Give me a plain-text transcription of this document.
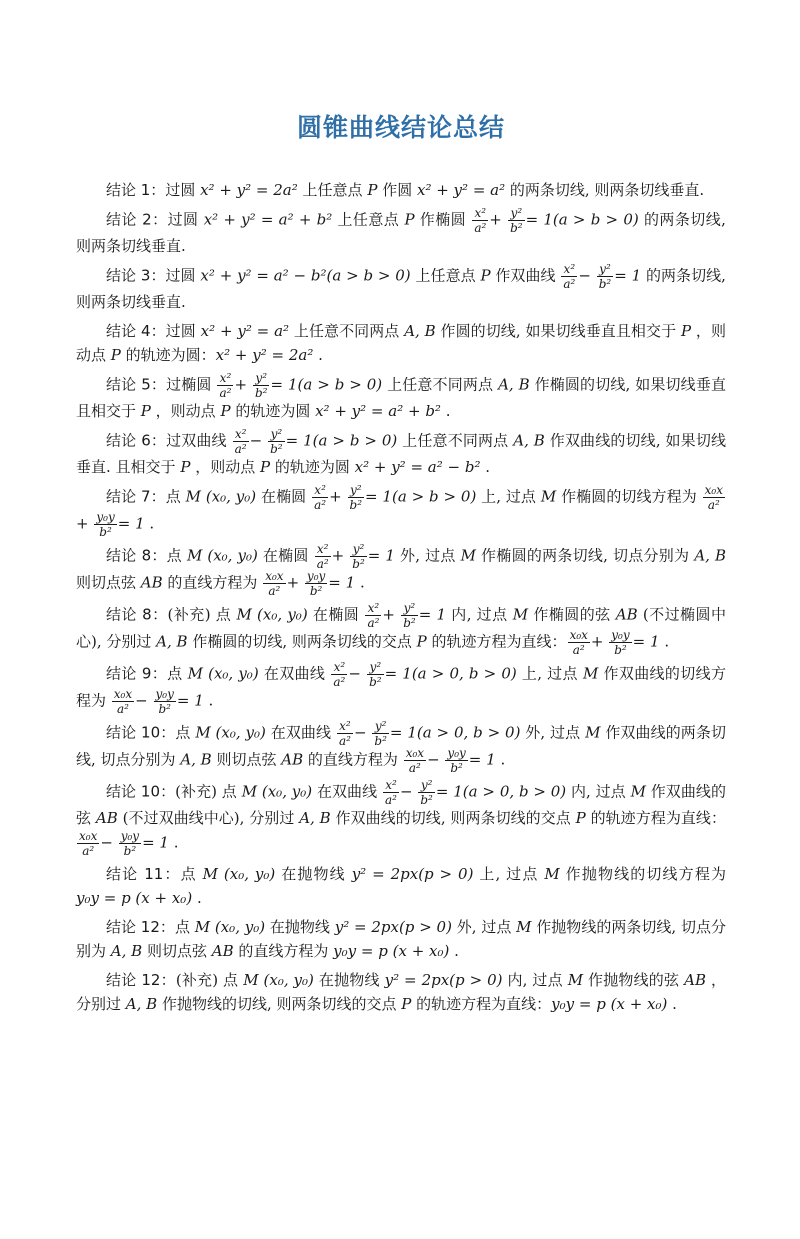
圆锥曲线结论总结

结论 1：过圆 x² + y² = 2a² 上任意点 P 作圆 x² + y² = a² 的两条切线, 则两条切线垂直.

结论 2：过圆 x² + y² = a² + b² 上任意点 P 作椭圆 $\frac{\text{x²}}{\text{a²}} + \frac{\text{y²}}{\text{b²}} = 1(a > b > 0)$ 的两条切线, 则两条切线垂直.

结论 3：过圆 x² + y² = a² − b²(a > b > 0) 上任意点 P 作双曲线 $\frac{\text{x²}}{\text{a²}} - \frac{\text{y²}}{\text{b²}} = 1$ 的两条切线, 则两条切线垂直.

结论 4：过圆 x² + y² = a² 上任意不同两点 A, B 作圆的切线, 如果切线垂直且相交于 P ，则动点 P 的轨迹为圆：x² + y² = 2a² .

结论 5：过椭圆 $\frac{\text{x²}}{\text{a²}} + \frac{\text{y²}}{\text{b²}} = 1(a > b > 0)$ 上任意不同两点 A, B 作椭圆的切线, 如果切线垂直且相交于 P ，则动点 P 的轨迹为圆 x² + y² = a² + b² .

结论 6：过双曲线 $\frac{\text{x²}}{\text{a²}} - \frac{\text{y²}}{\text{b²}} = 1(a > b > 0)$ 上任意不同两点 A, B 作双曲线的切线, 如果切线垂直. 且相交于 P ，则动点 P 的轨迹为圆 x² + y² = a² − b² .

结论 7：点 M (x₀, y₀) 在椭圆 $\frac{\text{x²}}{\text{a²}} + \frac{\text{y²}}{\text{b²}} = 1(a > b > 0)$ 上, 过点 M 作椭圆的切线方程为 $\frac{\text{x₀x}}{\text{a²}}$
+ $\frac{\text{y₀y}}{\text{b²}} = 1$ .

结论 8：点 M (x₀, y₀) 在椭圆 $\frac{\text{x²}}{\text{a²}} + \frac{\text{y²}}{\text{b²}} = 1$ 外, 过点 M 作椭圆的两条切线, 切点分别为 A, B 则切点弦 AB 的直线方程为 $\frac{\text{x₀x}}{\text{a²}} + \frac{\text{y₀y}}{\text{b²}} = 1$ .

结论 8：(补充) 点 M (x₀, y₀) 在椭圆 $\frac{\text{x²}}{\text{a²}} + \frac{\text{y²}}{\text{b²}} = 1$ 内, 过点 M 作椭圆的弦 AB (不过椭圆中心), 分别过 A, B 作椭圆的切线, 则两条切线的交点 P 的轨迹方程为直线： $\frac{\text{x₀x}}{\text{a²}} + \frac{\text{y₀y}}{\text{b²}} = 1$ .

结论 9：点 M (x₀, y₀) 在双曲线 $\frac{\text{x²}}{\text{a²}} - \frac{\text{y²}}{\text{b²}} = 1(a > 0$, b > 0) 上, 过点 M 作双曲线的切线方程为 $\frac{\text{x₀x}}{\text{a²}} - \frac{\text{y₀y}}{\text{b²}} = 1$ .

结论 10：点 M (x₀, y₀) 在双曲线 $\frac{\text{x²}}{\text{a²}} - \frac{\text{y²}}{\text{b²}} = 1(a > 0$, b > 0) 外, 过点 M 作双曲线的两条切线, 切点分别为 A, B 则切点弦 AB 的直线方程为 $\frac{\text{x₀x}}{\text{a²}} - \frac{\text{y₀y}}{\text{b²}} = 1$ .

结论 10：(补充) 点 M (x₀, y₀) 在双曲线 $\frac{\text{x²}}{\text{a²}} - \frac{\text{y²}}{\text{b²}} = 1(a > 0$, b > 0) 内, 过点 M 作双曲线的弦 AB (不过双曲线中心), 分别过 A, B 作双曲线的切线, 则两条切线的交点 P 的轨迹方程为直线：
$\frac{\text{x₀x}}{\text{a²}} - \frac{\text{y₀y}}{\text{b²}} = 1$ .

结论 11：点 M (x₀, y₀) 在抛物线 y² = 2px(p > 0) 上, 过点 M 作抛物线的切线方程为 y₀y = p (x + x₀) .

结论 12：点 M (x₀, y₀) 在抛物线 y² = 2px(p > 0) 外, 过点 M 作抛物线的两条切线, 切点分别为 A, B 则切点弦 AB 的直线方程为 y₀y = p (x + x₀) .

结论 12：(补充) 点 M (x₀, y₀) 在抛物线 y² = 2px(p > 0) 内, 过点 M 作抛物线的弦 AB ，分别过 A, B 作抛物线的切线, 则两条切线的交点 P 的轨迹方程为直线：y₀y = p (x + x₀) .
